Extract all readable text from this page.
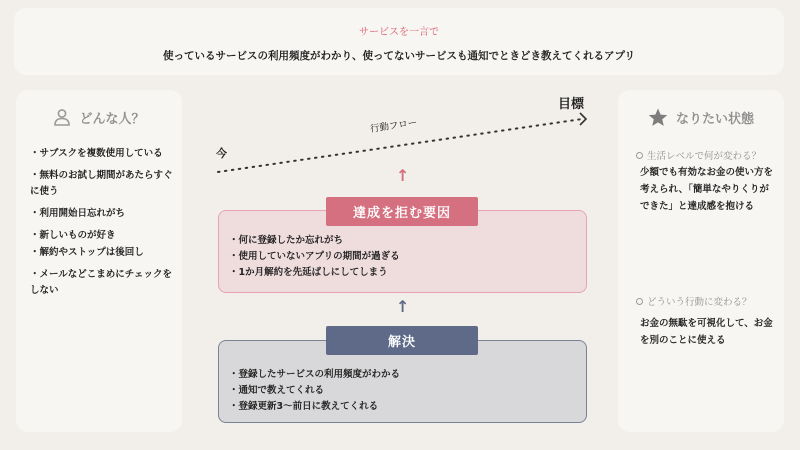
サービスを一言で
使っているサービスの利用頻度がわかり、使ってないサービスも通知でときどき教えてくれるアプリ
どんな人？
・サブスクを複数使用している
・無料のお試し期間があたらすぐに使う
・利用開始日忘れがち
・新しいものが好き
・解約やストップは後回し
・メールなどこまめにチェックをしない
なりたい状態
生活レベルで何が変わる？
少額でも有効なお金の使い方を考えられ、「簡単なやりくりができた」と達成感を抱ける
どういう行動に変わる？
お金の無駄を可視化して、お金を別のことに使える
今
目標
行動フロー
↑
↑
・何に登録したか忘れがち
・使用していないアプリの期間が過ぎる
・1か月解約を先延ばしにしてしまう
達成を拒む要因
・登録したサービスの利用頻度がわかる
・通知で教えてくれる
・登録更新3〜前日に教えてくれる
解決
